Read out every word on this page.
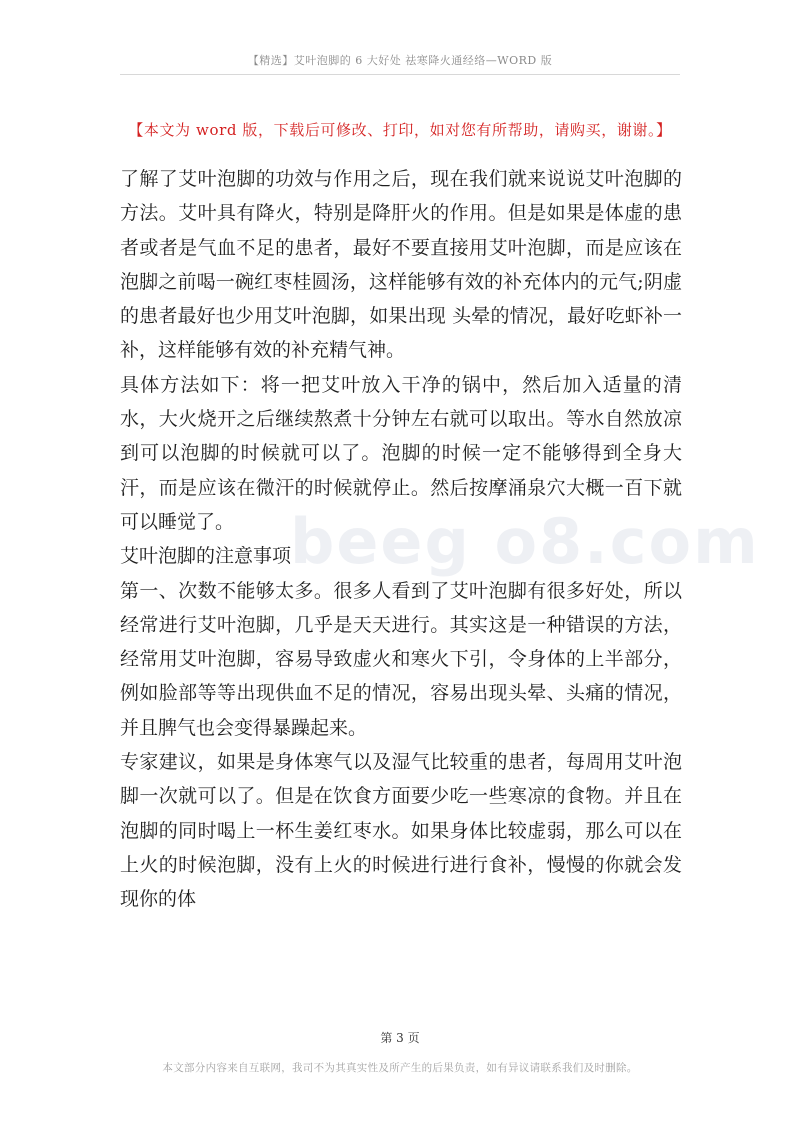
【精选】艾叶泡脚的 6 大好处 祛寒降火通经络—WORD 版
【本文为 word 版，下载后可修改、打印，如对您有所帮助，请购买，谢谢。】
beeg o8.com

了解了艾叶泡脚的功效与作用之后，现在我们就来说说艾叶泡脚的方法。艾叶具有降火，特别是降肝火的作用。但是如果是体虚的患者或者是气血不足的患者，最好不要直接用艾叶泡脚，而是应该在泡脚之前喝一碗红枣桂圆汤，这样能够有效的补充体内的元气;阴虚的患者最好也少用艾叶泡脚，如果出现 头晕的情况，最好吃虾补一补，这样能够有效的补充精气神。

具体方法如下：将一把艾叶放入干净的锅中，然后加入适量的清水，大火烧开之后继续熬煮十分钟左右就可以取出。等水自然放凉到可以泡脚的时候就可以了。泡脚的时候一定不能够得到全身大汗，而是应该在微汗的时候就停止。然后按摩涌泉穴大概一百下就可以睡觉了。

艾叶泡脚的注意事项

第一、次数不能够太多。很多人看到了艾叶泡脚有很多好处，所以经常进行艾叶泡脚，几乎是天天进行。其实这是一种错误的方法，经常用艾叶泡脚，容易导致虚火和寒火下引，令身体的上半部分，例如脸部等等出现供血不足的情况，容易出现头晕、头痛的情况，并且脾气也会变得暴躁起来。

专家建议，如果是身体寒气以及湿气比较重的患者，每周用艾叶泡脚一次就可以了。但是在饮食方面要少吃一些寒凉的食物。并且在泡脚的同时喝上一杯生姜红枣水。如果身体比较虚弱，那么可以在上火的时候泡脚，没有上火的时候进行进行食补，慢慢的你就会发现你的体

第 3 页
本文部分内容来自互联网，我司不为其真实性及所产生的后果负责，如有异议请联系我们及时删除。
